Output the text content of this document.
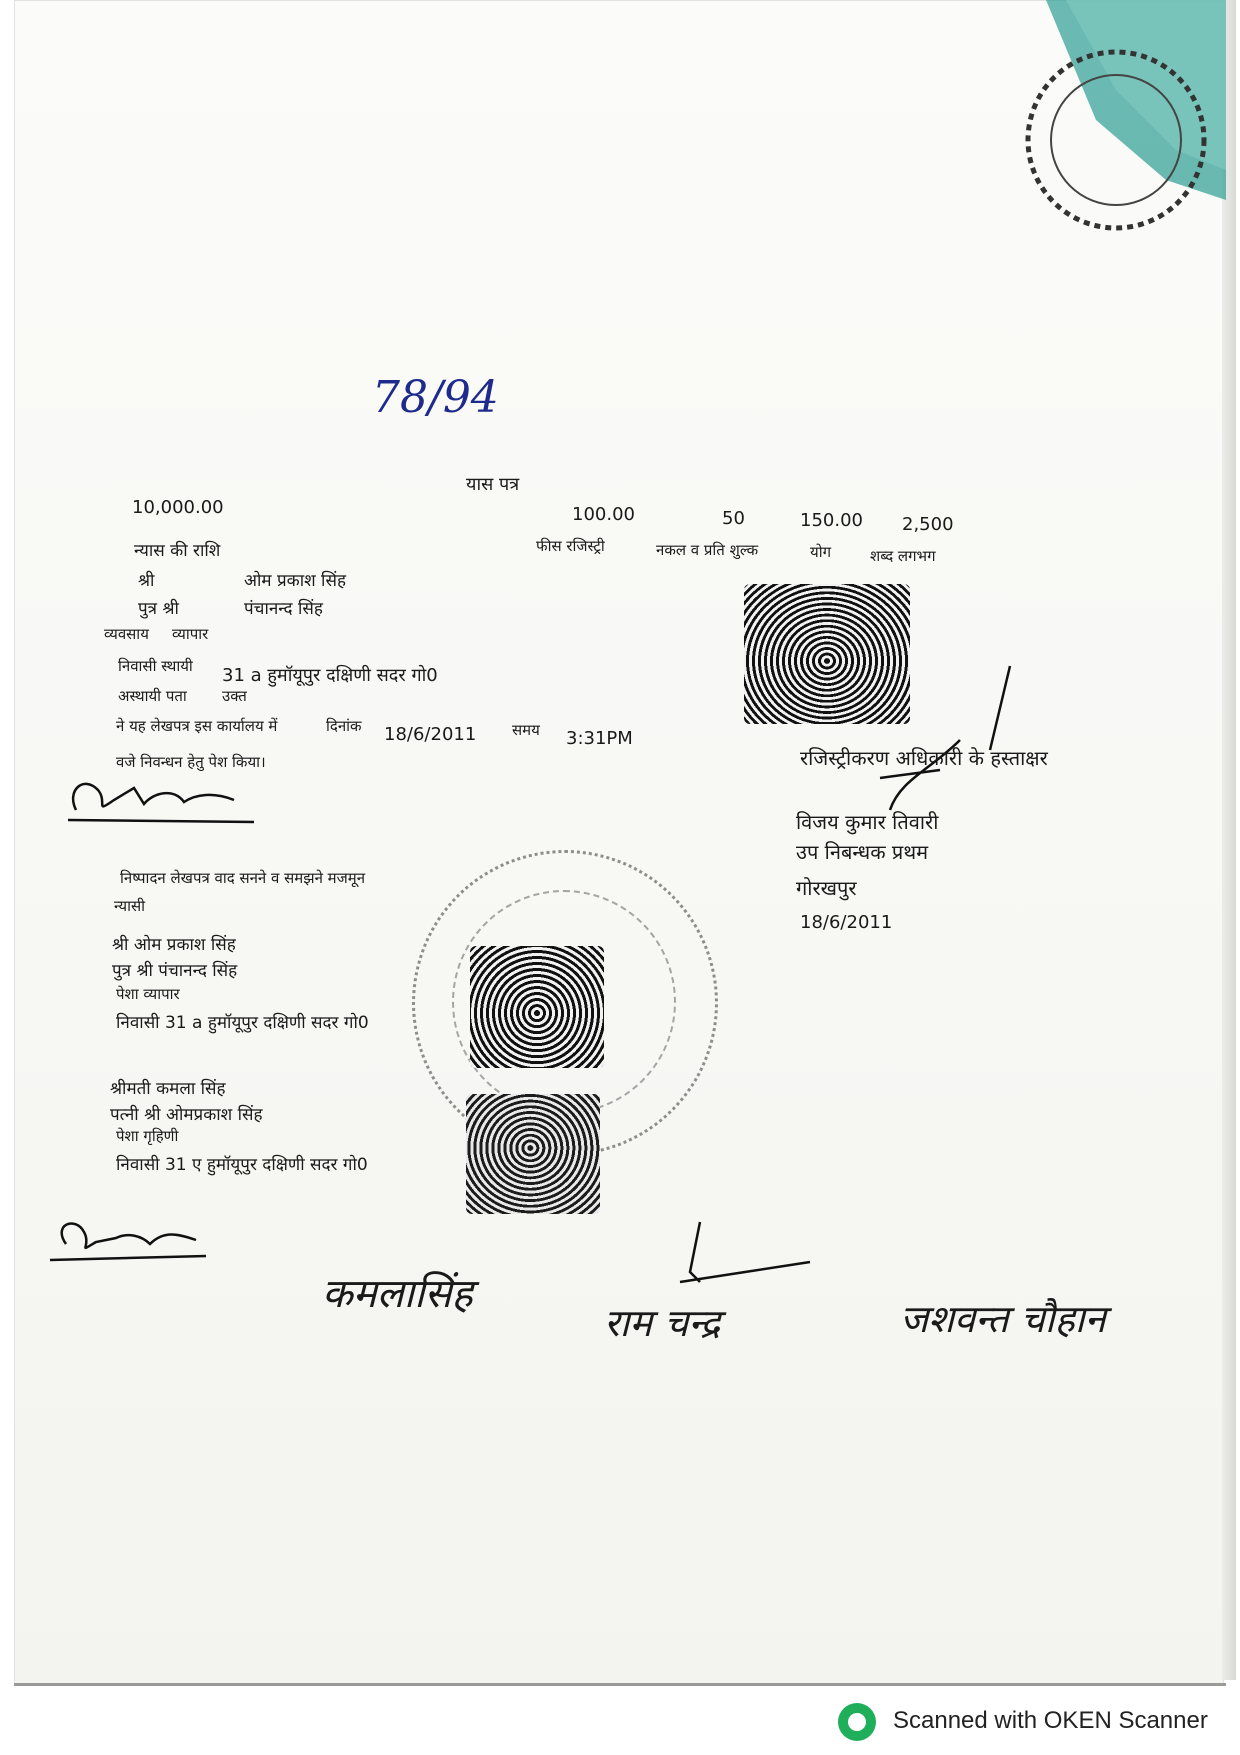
78/94
यास पत्र
10,000.00
न्यास की राशि
100.00
फीस रजिस्ट्री
50
नकल व प्रति शुल्क
150.00
योग
2,500
शब्द लगभग
श्री	ओम प्रकाश सिंह
पुत्र श्री	पंचानन्द सिंह
व्यवसाय व्यापार
निवासी स्थायी 31 a हुमॉयूपुर दक्षिणी सदर गो0
अस्थायी पता उक्त
ने यह लेखपत्र इस कार्यालय में	दिनांक 18/6/2011 समय 3:31PM
वजे निवन्धन हेतु पेश किया।	रजिस्ट्रीकरण अधिकारी के हस्ताक्षर
विजय कुमार तिवारी
उप निबन्धक प्रथम
गोरखपुर
18/6/2011
निष्पादन लेखपत्र वाद सनने व समझने मजमून
न्यासी
श्री ओम प्रकाश सिंह
पुत्र श्री पंचानन्द सिंह
पेशा व्यापार
निवासी 31 a हुमॉयूपुर दक्षिणी सदर गो0
श्रीमती कमला सिंह
पत्नी श्री ओमप्रकाश सिंह
पेशा गृहिणी
निवासी 31 ए हुमॉयूपुर दक्षिणी सदर गो0
कमलासिंह
राम चन्द्र	जशवन्त चौहान
Scanned with OKEN Scanner
